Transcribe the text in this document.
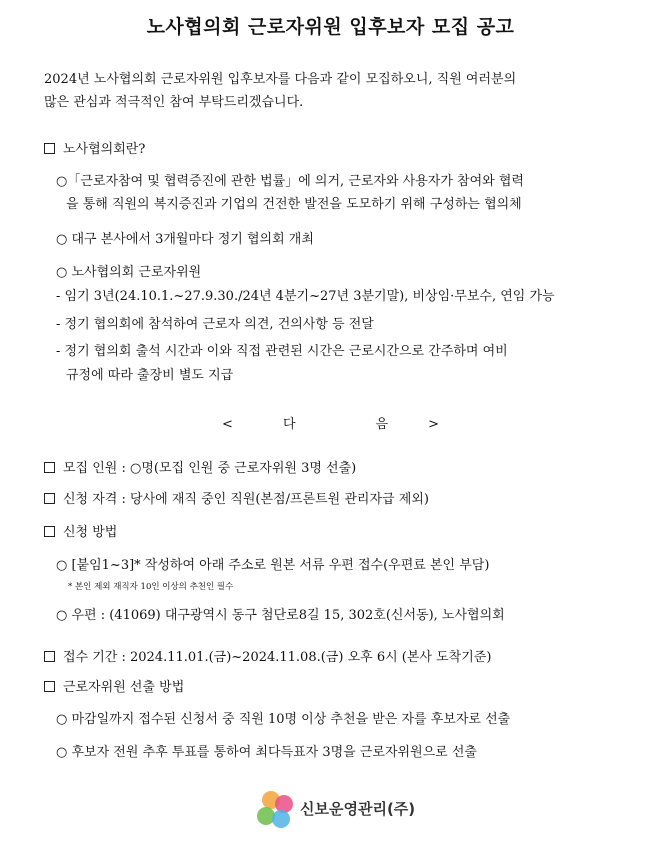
노사협의회 근로자위원 입후보자 모집 공고
2024년 노사협의회 근로자위원 입후보자를 다음과 같이 모집하오니, 직원 여러분의
많은 관심과 적극적인 참여 부탁드리겠습니다.
노사협의회란?
○「근로자참여 및 협력증진에 관한 법률」에 의거, 근로자와 사용자가 참여와 협력
을 통해 직원의 복지증진과 기업의 건전한 발전을 도모하기 위해 구성하는 협의체
○ 대구 본사에서 3개월마다 정기 협의회 개최
○ 노사협의회 근로자위원
- 임기 3년(24.10.1.~27.9.30./24년 4분기~27년 3분기말), 비상임·무보수, 연임 가능
- 정기 협의회에 참석하여 근로자 의견, 건의사항 등 전달
- 정기 협의회 출석 시간과 이와 직접 관련된 시간은 근로시간으로 간주하며 여비
규정에 따라 출장비 별도 지급
<	다	음	>
모집 인원 : ○명(모집 인원 중 근로자위원 3명 선출)
신청 자격 : 당사에 재직 중인 직원(본점/프론트원 관리자급 제외)
신청 방법
○ [붙임1~3]* 작성하여 아래 주소로 원본 서류 우편 접수(우편료 본인 부담)
* 본인 제외 재직자 10인 이상의 추천인 필수
○ 우편 : (41069) 대구광역시 동구 첨단로8길 15, 302호(신서동), 노사협의회
접수 기간 : 2024.11.01.(금)~2024.11.08.(금) 오후 6시 (본사 도착기준)
근로자위원 선출 방법
○ 마감일까지 접수된 신청서 중 직원 10명 이상 추천을 받은 자를 후보자로 선출
○ 후보자 전원 추후 투표를 통하여 최다득표자 3명을 근로자위원으로 선출
신보운영관리(주)
